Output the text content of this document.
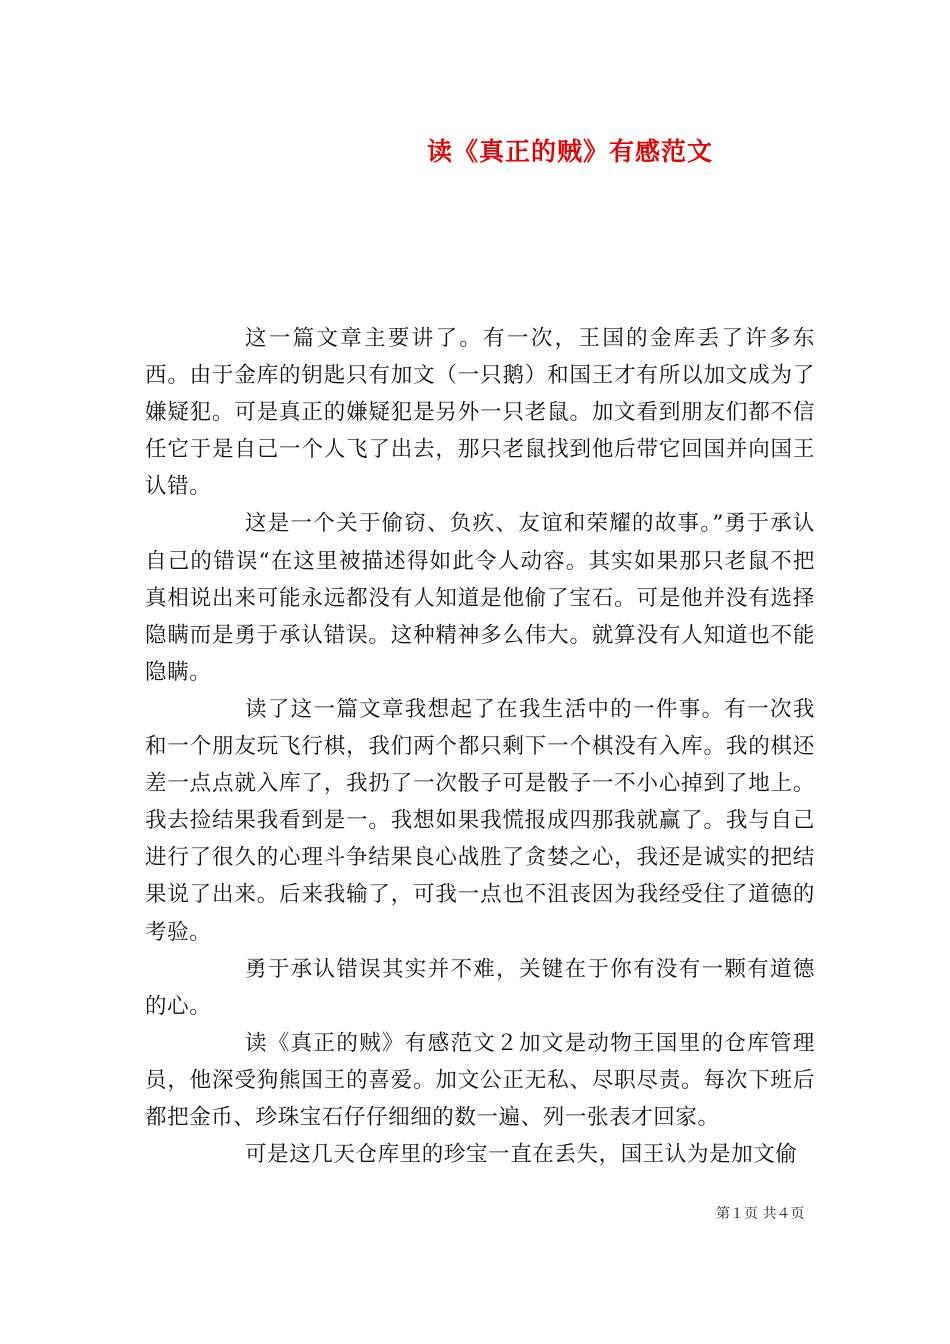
读《真正的贼》有感范文

这一篇文章主要讲了。有一次，王国的金库丢了许多东西。由于金库的钥匙只有加文（一只鹅）和国王才有所以加文成为了嫌疑犯。可是真正的嫌疑犯是另外一只老鼠。加文看到朋友们都不信任它于是自己一个人飞了出去，那只老鼠找到他后带它回国并向国王认错。

这是一个关于偷窃、负疚、友谊和荣耀的故事。”勇于承认自己的错误“在这里被描述得如此令人动容。其实如果那只老鼠不把真相说出来可能永远都没有人知道是他偷了宝石。可是他并没有选择隐瞒而是勇于承认错误。这种精神多么伟大。就算没有人知道也不能隐瞒。

读了这一篇文章我想起了在我生活中的一件事。有一次我和一个朋友玩飞行棋，我们两个都只剩下一个棋没有入库。我的棋还差一点点就入库了，我扔了一次骰子可是骰子一不小心掉到了地上。我去捡结果我看到是一。我想如果我慌报成四那我就赢了。我与自己进行了很久的心理斗争结果良心战胜了贪婪之心，我还是诚实的把结果说了出来。后来我输了，可我一点也不沮丧因为我经受住了道德的考验。

勇于承认错误其实并不难，关键在于你有没有一颗有道德的心。

读《真正的贼》有感范文２加文是动物王国里的仓库管理员，他深受狗熊国王的喜爱。加文公正无私、尽职尽责。每次下班后都把金币、珍珠宝石仔仔细细的数一遍、列一张表才回家。

可是这几天仓库里的珍宝一直在丢失，国王认为是加文偷

第１页 共４页
